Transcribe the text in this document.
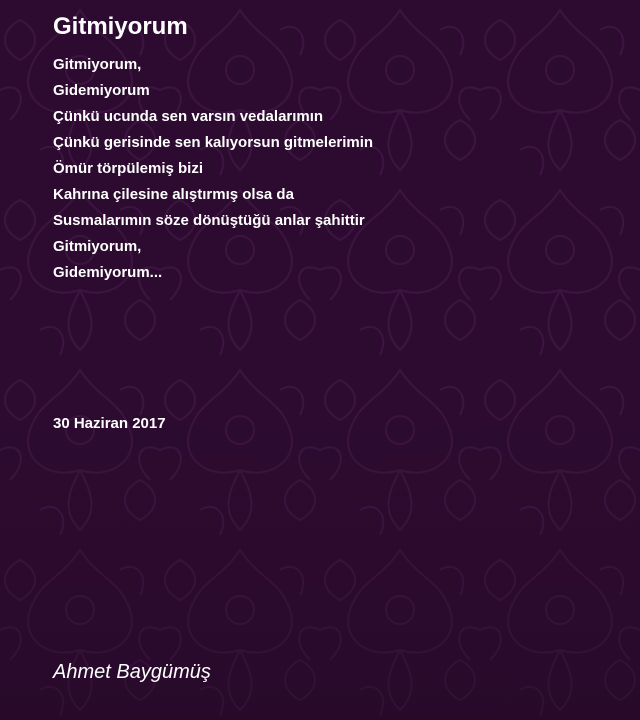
Gitmiyorum
Gitmiyorum,
Gidemiyorum
Çünkü ucunda sen varsın vedalarımın
Çünkü gerisinde sen kalıyorsun gitmelerimin
Ömür törpülemiş bizi
Kahrına çilesine alıştırmış olsa da
Susmalarımın söze dönüştüğü anlar şahittir
Gitmiyorum,
Gidemiyorum...
30 Haziran 2017
Ahmet Baygümüş
